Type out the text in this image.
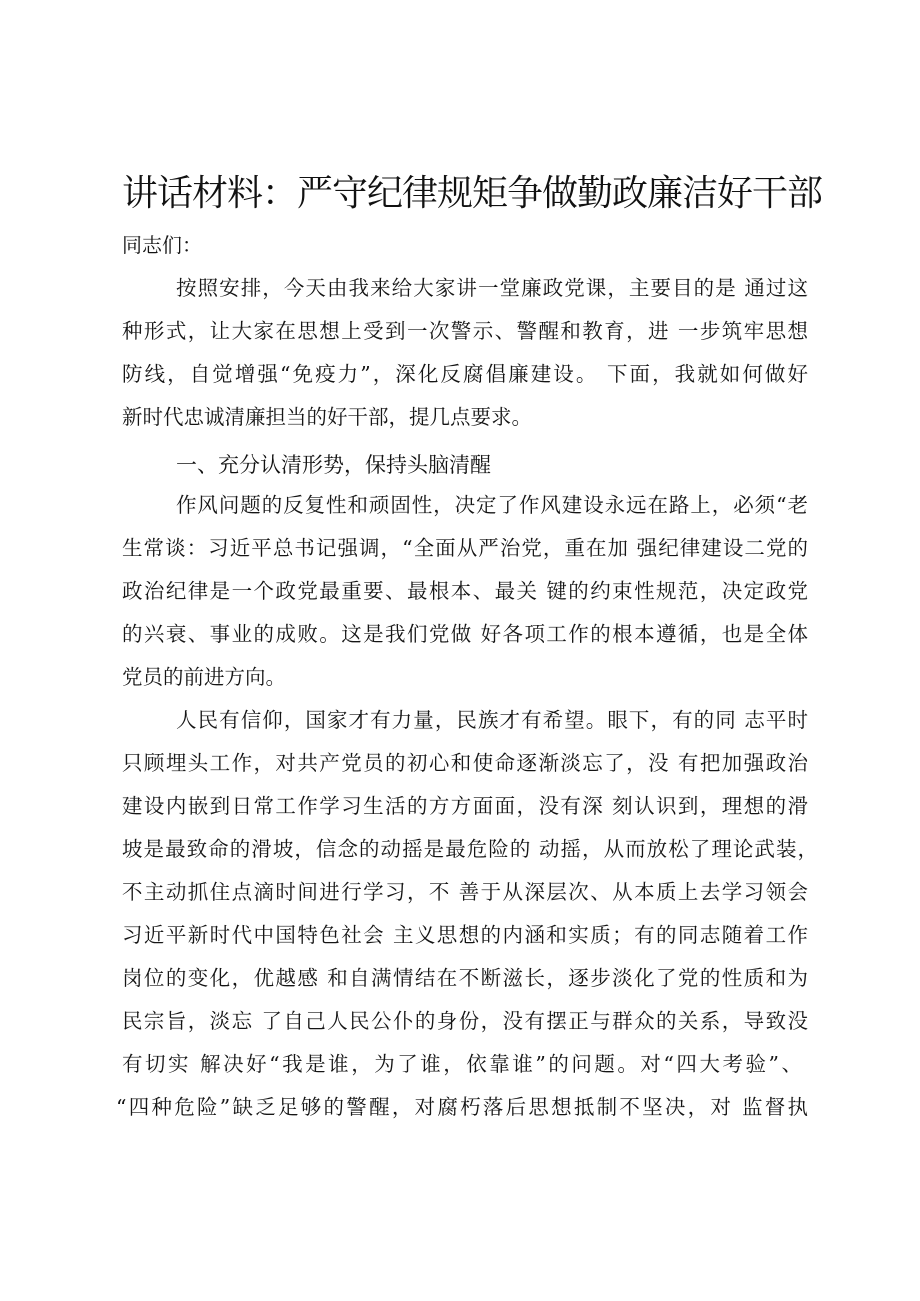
讲话材料：严守纪律规矩争做勤政廉洁好干部

同志们：

按照安排，今天由我来给大家讲一堂廉政党课，主要目的是 通过这

种形式，让大家在思想上受到一次警示、警醒和教育，进 一步筑牢思想

防线，自觉增强“免疫力”，深化反腐倡廉建设。 下面，我就如何做好

新时代忠诚清廉担当的好干部，提几点要求。

一、充分认清形势，保持头脑清醒

作风问题的反复性和顽固性，决定了作风建设永远在路上，必须“老

生常谈：习近平总书记强调，“全面从严治党，重在加 强纪律建设二党的

政治纪律是一个政党最重要、最根本、最关 键的约束性规范，决定政党

的兴衰、事业的成败。这是我们党做 好各项工作的根本遵循，也是全体

党员的前进方向。

人民有信仰，国家才有力量，民族才有希望。眼下，有的同 志平时

只顾埋头工作，对共产党员的初心和使命逐渐淡忘了，没 有把加强政治

建设内嵌到日常工作学习生活的方方面面，没有深 刻认识到，理想的滑

坡是最致命的滑坡，信念的动摇是最危险的 动摇，从而放松了理论武装，

不主动抓住点滴时间进行学习，不 善于从深层次、从本质上去学习领会

习近平新时代中国特色社会 主义思想的内涵和实质；有的同志随着工作

岗位的变化，优越感 和自满情结在不断滋长，逐步淡化了党的性质和为

民宗旨，淡忘 了自己人民公仆的身份，没有摆正与群众的关系，导致没

有切实 解决好“我是谁，为了谁，依靠谁”的问题。对“四大考验”、

“四种危险”缺乏足够的警醒，对腐朽落后思想抵制不坚决，对 监督执
